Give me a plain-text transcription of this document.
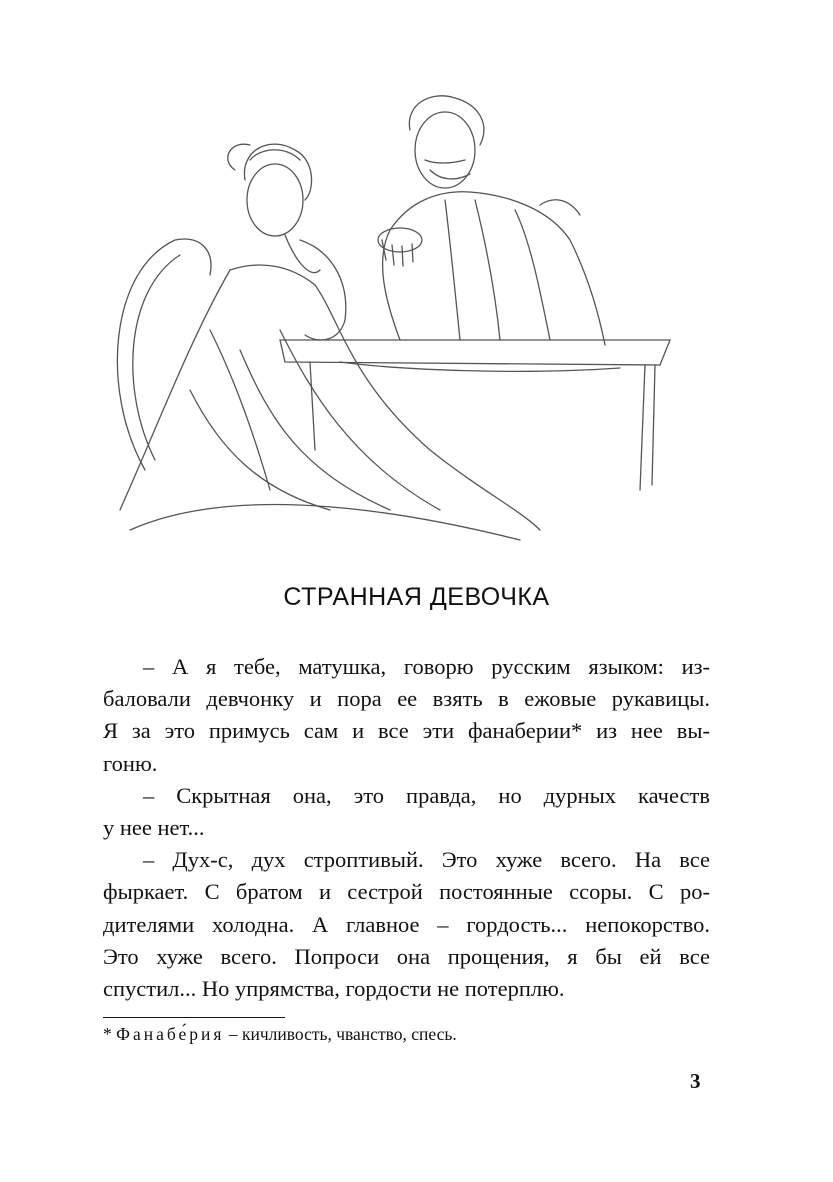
СТРАННАЯ ДЕВОЧКА
– А я тебе, матушка, говорю русским языком: из-
баловали девчонку и пора ее взять в ежовые рукавицы.
Я за это примусь сам и все эти фанаберии* из нее вы-
гоню.
– Скрытная она, это правда, но дурных качеств
у нее нет...
– Дух-с, дух строптивый. Это хуже всего. На все
фыркает. С братом и сестрой постоянные ссоры. С ро-
дителями холодна. А главное – гордость... непокорство.
Это хуже всего. Попроси она прощения, я бы ей все
спустил... Но упрямства, гордости не потерплю.
* Фанабе́рия – кичливость, чванство, спесь.
3
